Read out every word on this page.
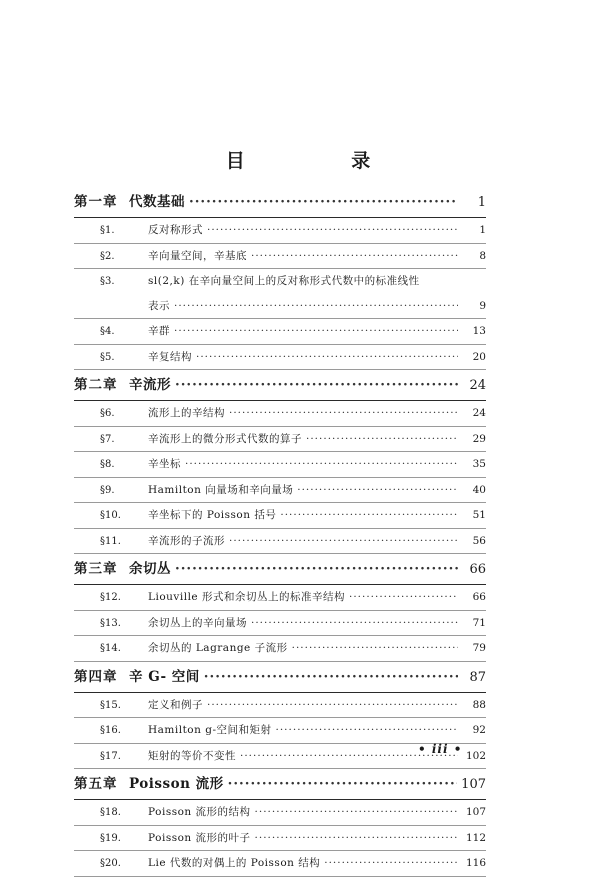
目 录
第一章 代数基础 ·····	1
§1.	反对称形式 ·····	1
§2.	辛向量空间，辛基底 ·····	8
§3.	sl(2,k) 在辛向量空间上的反对称形式代数中的标准线性
表示 ·····	9
§4.	辛群 ·····	13
§5.	辛复结构 ·····	20
第二章 辛流形 ·····	24
§6.	流形上的辛结构 ·····	24
§7.	辛流形上的微分形式代数的算子 ·····	29
§8.	辛坐标 ·····	35
§9.	Hamilton 向量场和辛向量场 ·····	40
§10.	辛坐标下的 Poisson 括号 ·····	51
§11.	辛流形的子流形 ·····	56
第三章 余切丛 ·····	66
§12.	Liouville 形式和余切丛上的标准辛结构 ·····	66
§13.	余切丛上的辛向量场 ·····	71
§14.	余切丛的 Lagrange 子流形 ·····	79
第四章 辛 G- 空间 ·····	87
§15.	定义和例子 ·····	88
§16.	Hamilton g-空间和矩射 ·····	92
§17.	矩射的等价不变性 ·····	102
第五章 Poisson 流形 ·····	107
§18.	Poisson 流形的结构 ·····	107
§19.	Poisson 流形的叶子 ·····	112
§20.	Lie 代数的对偶上的 Poisson 结构 ·····	116
• iii •
